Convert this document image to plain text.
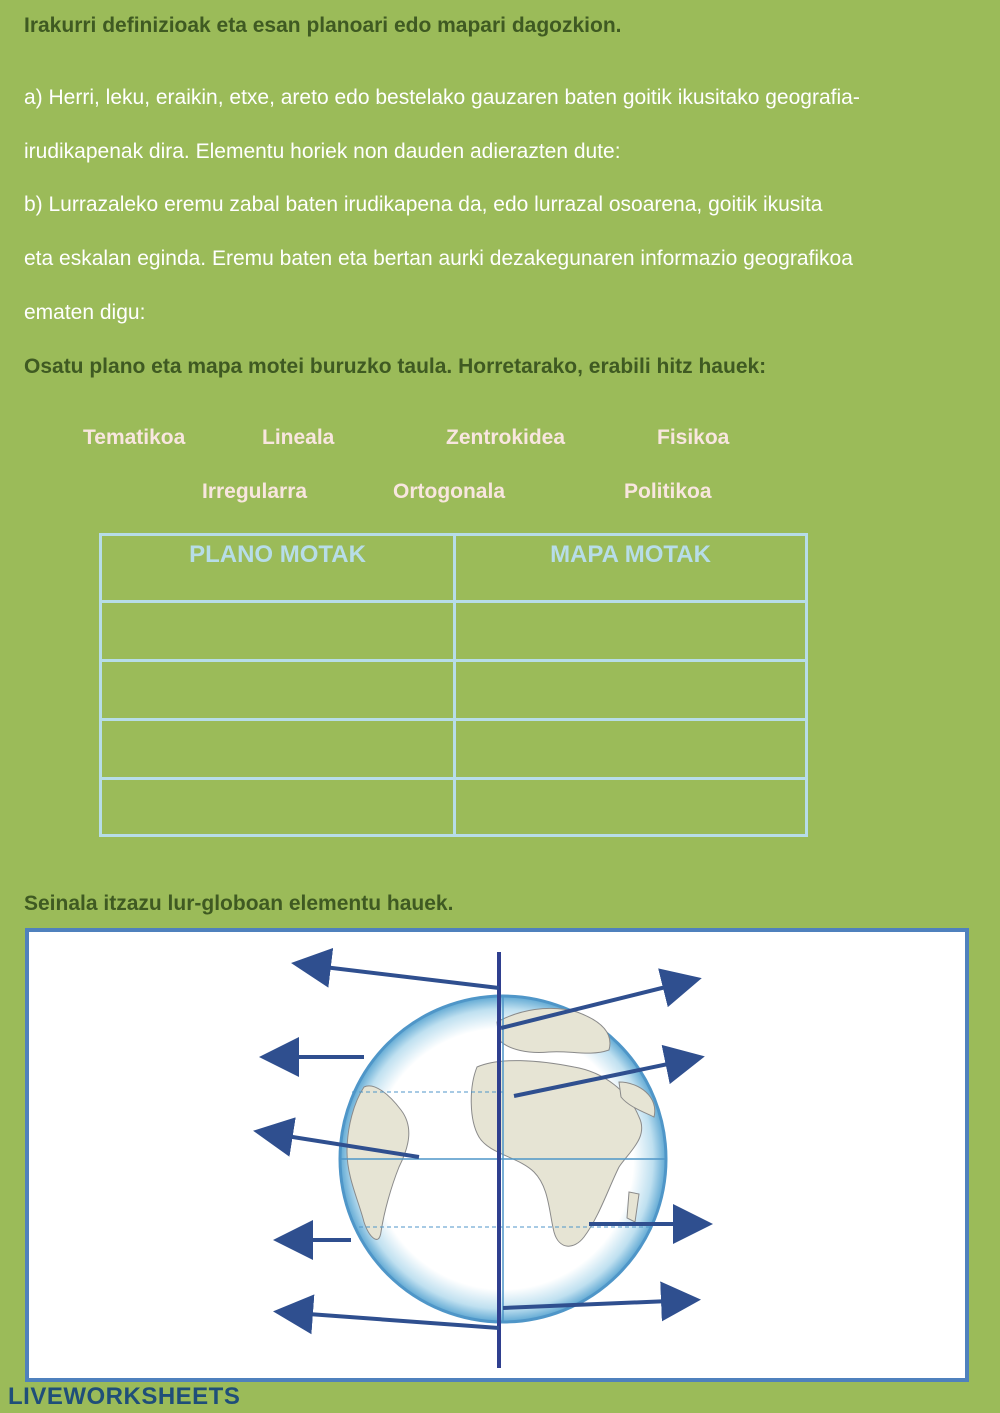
Irakurri definizioak eta esan planoari edo mapari dagozkion.
a) Herri, leku, eraikin, etxe, areto edo bestelako gauzaren baten goitik ikusitako geografia-
irudikapenak dira. Elementu horiek non dauden adierazten dute:
b) Lurrazaleko eremu zabal baten irudikapena da, edo lurrazal osoarena, goitik ikusita
eta eskalan eginda. Eremu baten eta bertan aurki dezakegunaren informazio geografikoa
ematen digu:
Osatu plano eta mapa motei buruzko taula. Horretarako, erabili hitz hauek:
Tematikoa	Lineala	Zentrokidea	Fisikoa
Irregularra	Ortogonala	Politikoa
PLANO MOTAK	MAPA MOTAK
Seinala itzazu lur-globoan elementu hauek.
LIVEWORKSHEETS
